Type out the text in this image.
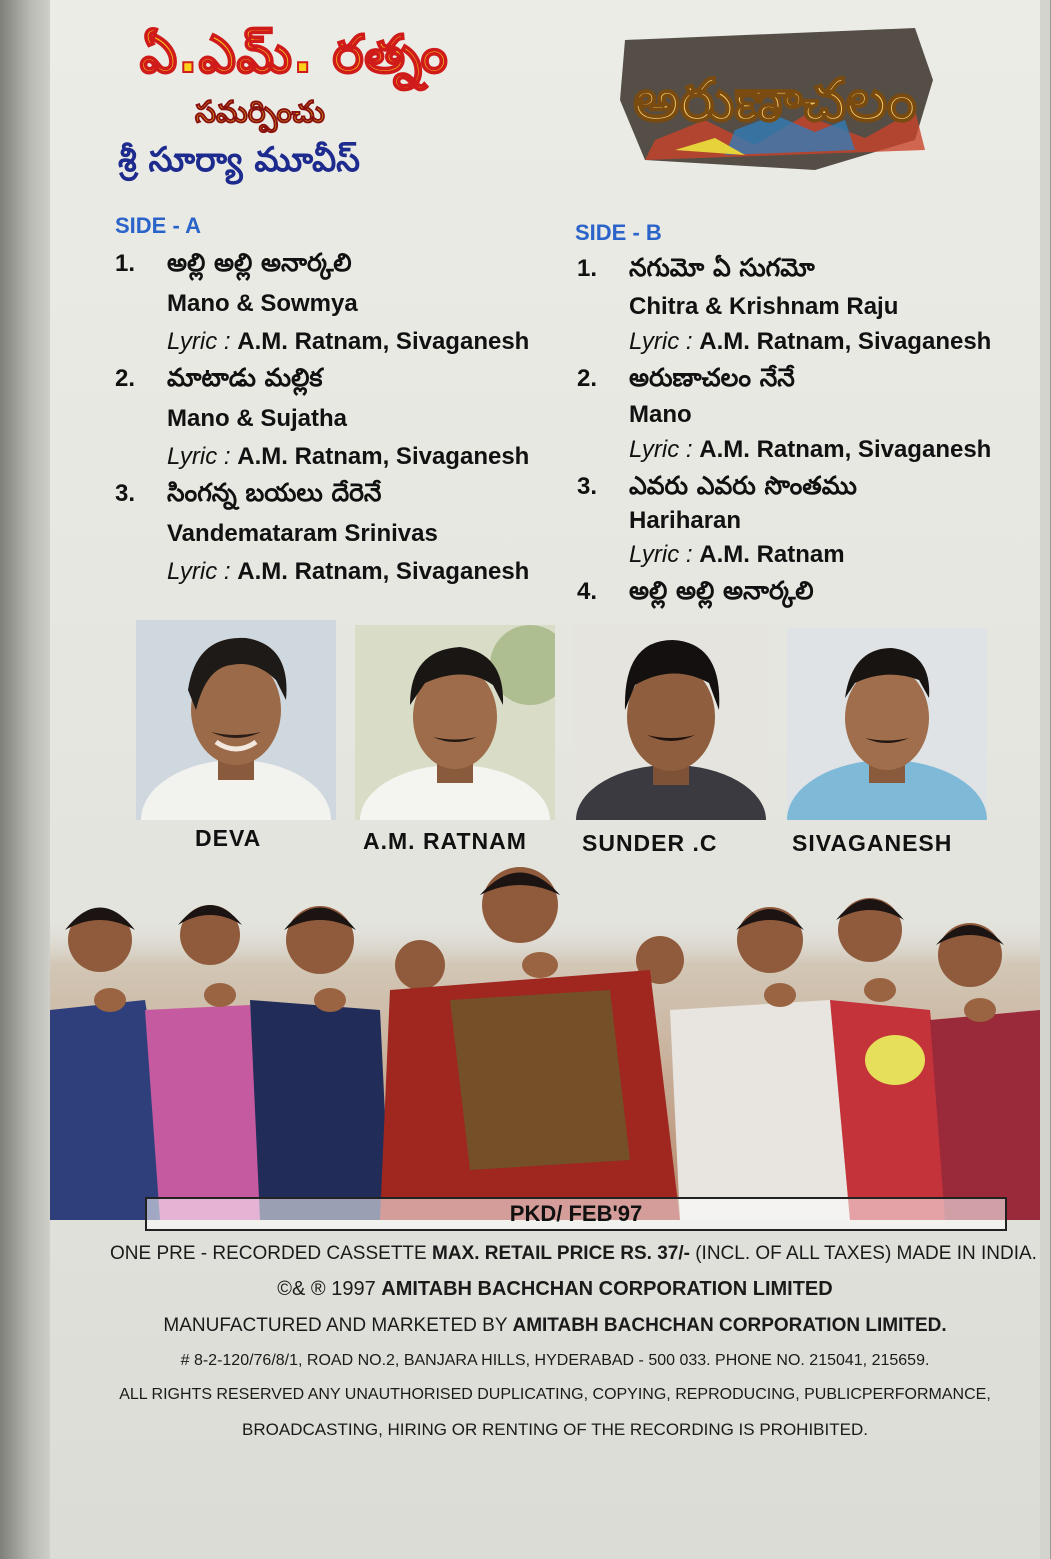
ఏ.ఎమ్. రత్నం
సమర్పించు
శ్రీ సూర్యా మూవీస్
అరుణాచలం
SIDE - A
1. అల్లి అల్లి అనార్కలి
Mano & Sowmya
Lyric : A.M. Ratnam, Sivaganesh
2. మాటాడు మల్లిక
Mano & Sujatha
Lyric : A.M. Ratnam, Sivaganesh
3. సింగన్న బయలు దేరెనే
Vandemataram Srinivas
Lyric : A.M. Ratnam, Sivaganesh
SIDE - B
1. నగుమో ఏ సుగమో
Chitra & Krishnam Raju
Lyric : A.M. Ratnam, Sivaganesh
2. అరుణాచలం నేనే
Mano
Lyric : A.M. Ratnam, Sivaganesh
3. ఎవరు ఎవరు సొంతము
Hariharan
Lyric : A.M. Ratnam
4. అల్లి అల్లి అనార్కలి
DEVA	A.M. RATNAM SUNDER .C	SIVAGANESH
PKD/ FEB'97
ONE PRE - RECORDED CASSETTE MAX. RETAIL PRICE RS. 37/- (INCL. OF ALL TAXES) MADE IN INDIA.
©& ® 1997 AMITABH BACHCHAN CORPORATION LIMITED
MANUFACTURED AND MARKETED BY AMITABH BACHCHAN CORPORATION LIMITED.
# 8-2-120/76/8/1, ROAD NO.2, BANJARA HILLS, HYDERABAD - 500 033. PHONE NO. 215041, 215659.
ALL RIGHTS RESERVED ANY UNAUTHORISED DUPLICATING, COPYING, REPRODUCING, PUBLICPERFORMANCE,
BROADCASTING, HIRING OR RENTING OF THE RECORDING IS PROHIBITED.
